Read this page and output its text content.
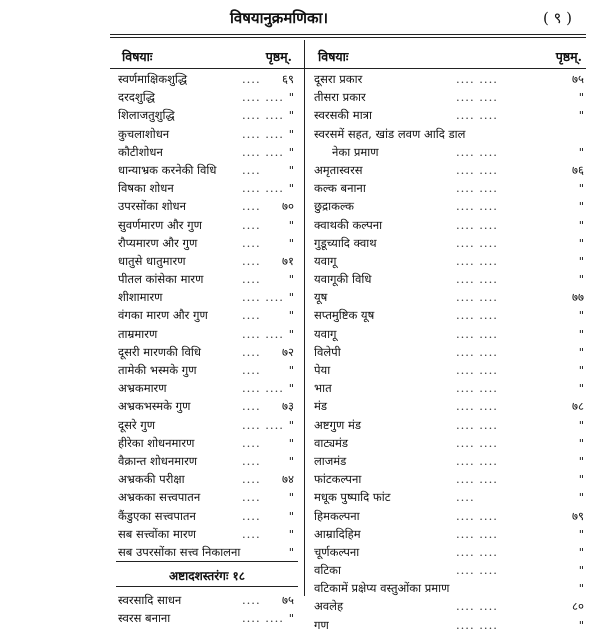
विषयानुक्रमणिका।	( ९ )
विषयाः	पृष्ठम्.
स्वर्णमाक्षिकशुद्धि	.... ६९
दरदशुद्धि	.... .... "
शिलाजतुशुद्धि	.... .... "
कुचलाशोधन	.... .... "
कौटीशोधन	.... .... "
धान्याभ्रक करनेकी विधि .... "
विषका शोधन	.... .... "
उपरसोंका शोधन	.... ७०
सुवर्णमारण और गुण	.... "
रौप्यमारण और गुण	.... "
धातुसे धातुमारण	.... ७१
पीतल कांसेका मारण	.... "
शीशामारण	.... .... "
वंगका मारण और गुण	.... "
ताम्रमारण	.... .... "
दूसरी मारणकी विधि	.... ७२
तामेकी भस्मके गुण	.... "
अभ्रकमारण	.... .... "
अभ्रकभस्मके गुण	.... ७३
दूसरे गुण	.... .... "
हीरेका शोधनमारण	.... "
वैक्रान्त शोधनमारण	.... "
अभ्रककी परीक्षा	.... ७४
अभ्रकका सत्त्वपातन	.... "
कैंडुएका सत्त्वपातन	.... "
सब सत्त्वोंका मारण	.... "
सब उपरसोंका सत्त्व निकालना	"
अष्टादशस्तरंगः १८
स्वरसादि साधन	.... ७५
स्वरस बनाना	.... .... "
विषयाः	पृष्ठम्.
दूसरा प्रकार	.... ....	७५
तीसरा प्रकार	.... ....	"
स्वरसकी मात्रा	.... ....	"
स्वरसमें सहत, खांड लवण आदि डाल
नेका प्रमाण	.... ....	"
अमृतास्वरस	.... ....	७६
कल्क बनाना	.... ....	"
छुद्राकल्क	.... ....	"
क्वाथकी कल्पना	.... ....	"
गुडूच्यादि क्वाथ	.... ....	"
यवागू	.... ....	"
यवागूकी विधि	.... ....	"
यूष	.... ....	७७
सप्तमुष्टिक यूष	.... ....	"
यवागू	.... ....	"
विलेपी	.... ....	"
पेया	.... ....	"
भात	.... ....	"
मंड	.... ....	७८
अष्टगुण मंड	.... ....	"
वाट्यमंड	.... ....	"
लाजमंड	.... ....	"
फांटकल्पना	.... ....	"
मधूक पुष्पादि फांट	....	"
हिमकल्पना	.... ....	७९
आम्रादिहिम	.... ....	"
चूर्णकल्पना	.... ....	"
वटिका	.... ....	"
वटिकामें प्रक्षेप्य वस्तुओंका प्रमाण	"
अवलेह	.... ....	८०
गण	.... ....	"
